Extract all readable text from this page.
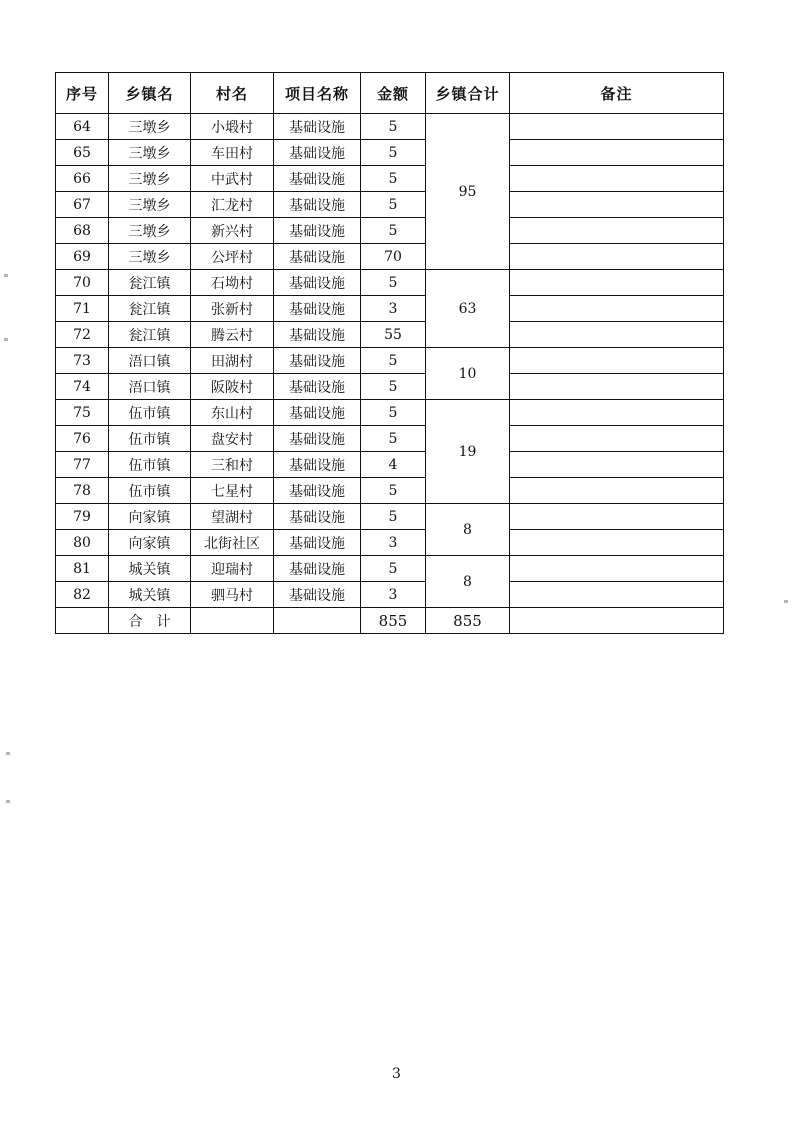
序号	乡镇名	村名	项目名称	金额	乡镇合计	备注
64	三墩乡	小塅村	基础设施	5	95	
65	三墩乡	车田村	基础设施	5		
66	三墩乡	中武村	基础设施	5		
67	三墩乡	汇龙村	基础设施	5		
68	三墩乡	新兴村	基础设施	5		
69	三墩乡	公坪村	基础设施	70		
70	瓮江镇	石坳村	基础设施	5	63	
71	瓮江镇	张新村	基础设施	3		
72	瓮江镇	腾云村	基础设施	55		
73	浯口镇	田湖村	基础设施	5	10	
74	浯口镇	阪陂村	基础设施	5		
75	伍市镇	东山村	基础设施	5	19	
76	伍市镇	盘安村	基础设施	5		
77	伍市镇	三和村	基础设施	4		
78	伍市镇	七星村	基础设施	5		
79	向家镇	望湖村	基础设施	5	8	
80	向家镇	北街社区	基础设施	3		
81	城关镇	迎瑞村	基础设施	5	8	
82	城关镇	驷马村	基础设施	3		
	合　计			855	855	
3
